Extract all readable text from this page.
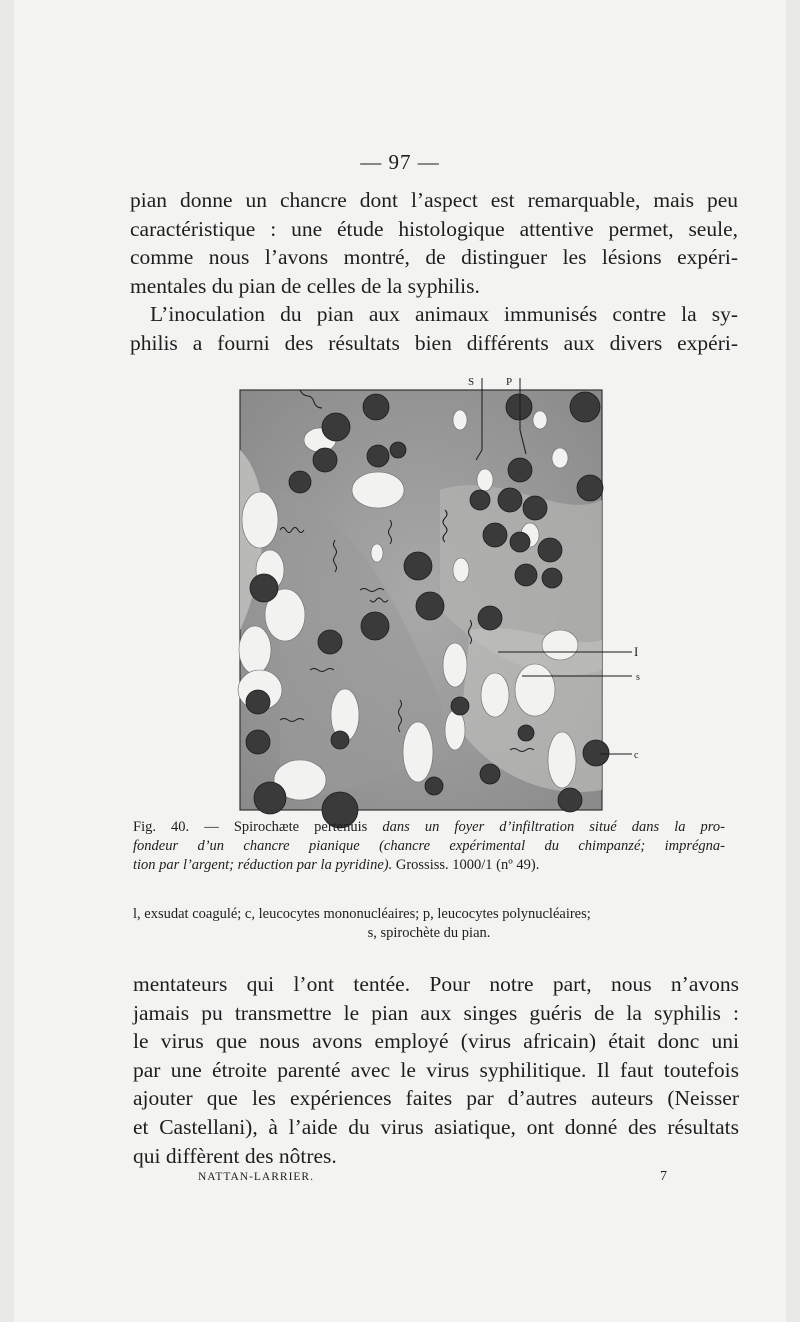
— 97 —

pian donne un chancre dont l’aspect est remarquable, mais peu
caractéristique : une étude histologique attentive permet, seule,
comme nous l’avons montré, de distinguer les lésions expéri-
mentales du pian de celles de la syphilis.
L’inoculation du pian aux animaux immunisés contre la sy-
philis a fourni des résultats bien différents aux divers expéri-

S	P
I
s
c
Fig. 40. — Spirochæte pertenuis dans un foyer d’infiltration situé dans la pro-
fondeur d’un chancre pianique (chancre expérimental du chimpanzé; imprégna-
tion par l’argent; réduction par la pyridine). Grossiss. 1000/1 (nº 49).
l, exsudat coagulé; c, leucocytes mononucléaires; p, leucocytes polynucléaires;
s, spirochète du pian.

mentateurs qui l’ont tentée. Pour notre part, nous n’avons
jamais pu transmettre le pian aux singes guéris de la syphilis :
le virus que nous avons employé (virus africain) était donc uni
par une étroite parenté avec le virus syphilitique. Il faut toutefois
ajouter que les expériences faites par d’autres auteurs (Neisser
et Castellani), à l’aide du virus asiatique, ont donné des résultats
qui diffèrent des nôtres.

NATTAN-LARRIER.	7
